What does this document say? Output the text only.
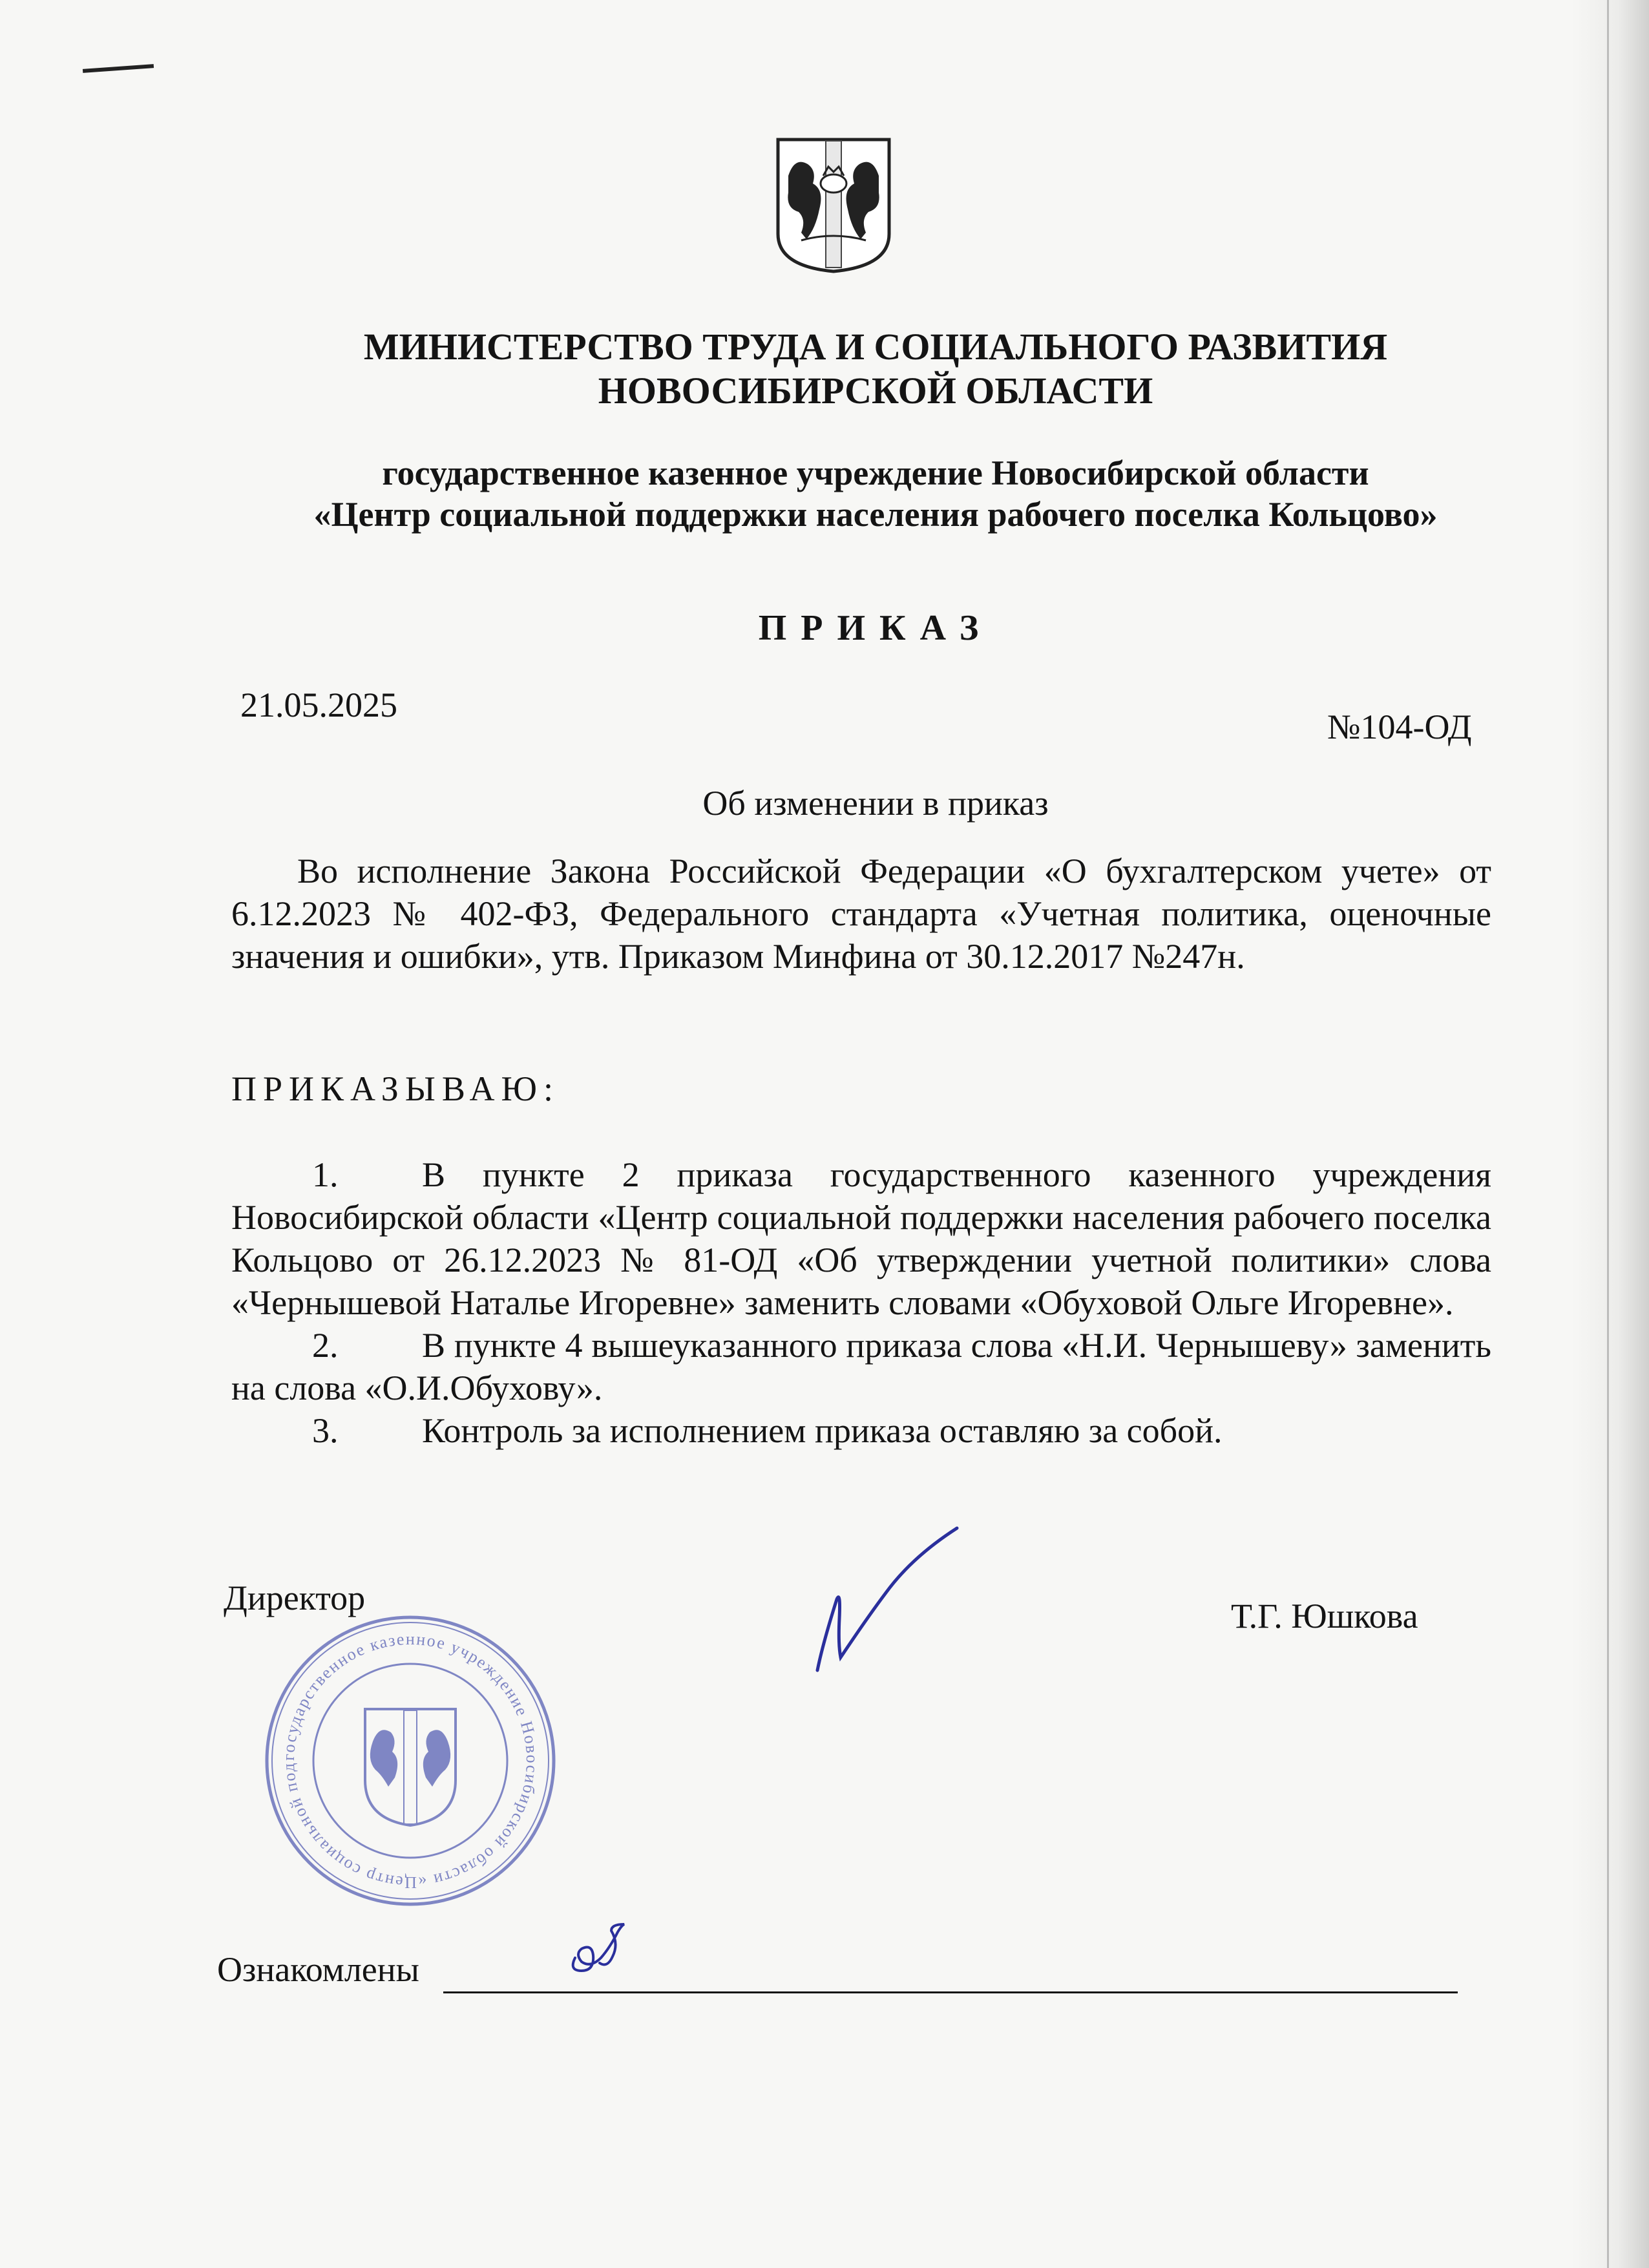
МИНИСТЕРСТВО ТРУДА И СОЦИАЛЬНОГО РАЗВИТИЯ
НОВОСИБИРСКОЙ ОБЛАСТИ
государственное казенное учреждение Новосибирской области
«Центр социальной поддержки населения рабочего поселка Кольцово»
ПРИКАЗ
21.05.2025
№104-ОД
Об изменении в приказ

Во исполнение Закона Российской Федерации «О бухгалтерском учете» от 6.12.2023 № 402-ФЗ, Федерального стандарта «Учетная политика, оценочные значения и ошибки», утв. Приказом Минфина от 30.12.2017 №247н.

ПРИКАЗЫВАЮ:

1. В пункте 2 приказа государственного казенного учреждения Новосибирской области «Центр социальной поддержки населения рабочего поселка Кольцово от 26.12.2023 № 81-ОД «Об утверждении учетной политики» слова «Чернышевой Наталье Игоревне» заменить словами «Обуховой Ольге Игоревне».

2. В пункте 4 вышеуказанного приказа слова «Н.И. Чернышеву» заменить на слова «О.И.Обухову».

3. Контроль за исполнением приказа оставляю за собой.

Директор	Т.Г. Юшкова
государственное казенное учреждение Новосибирской области «Центр социальной под
Ознакомлены
